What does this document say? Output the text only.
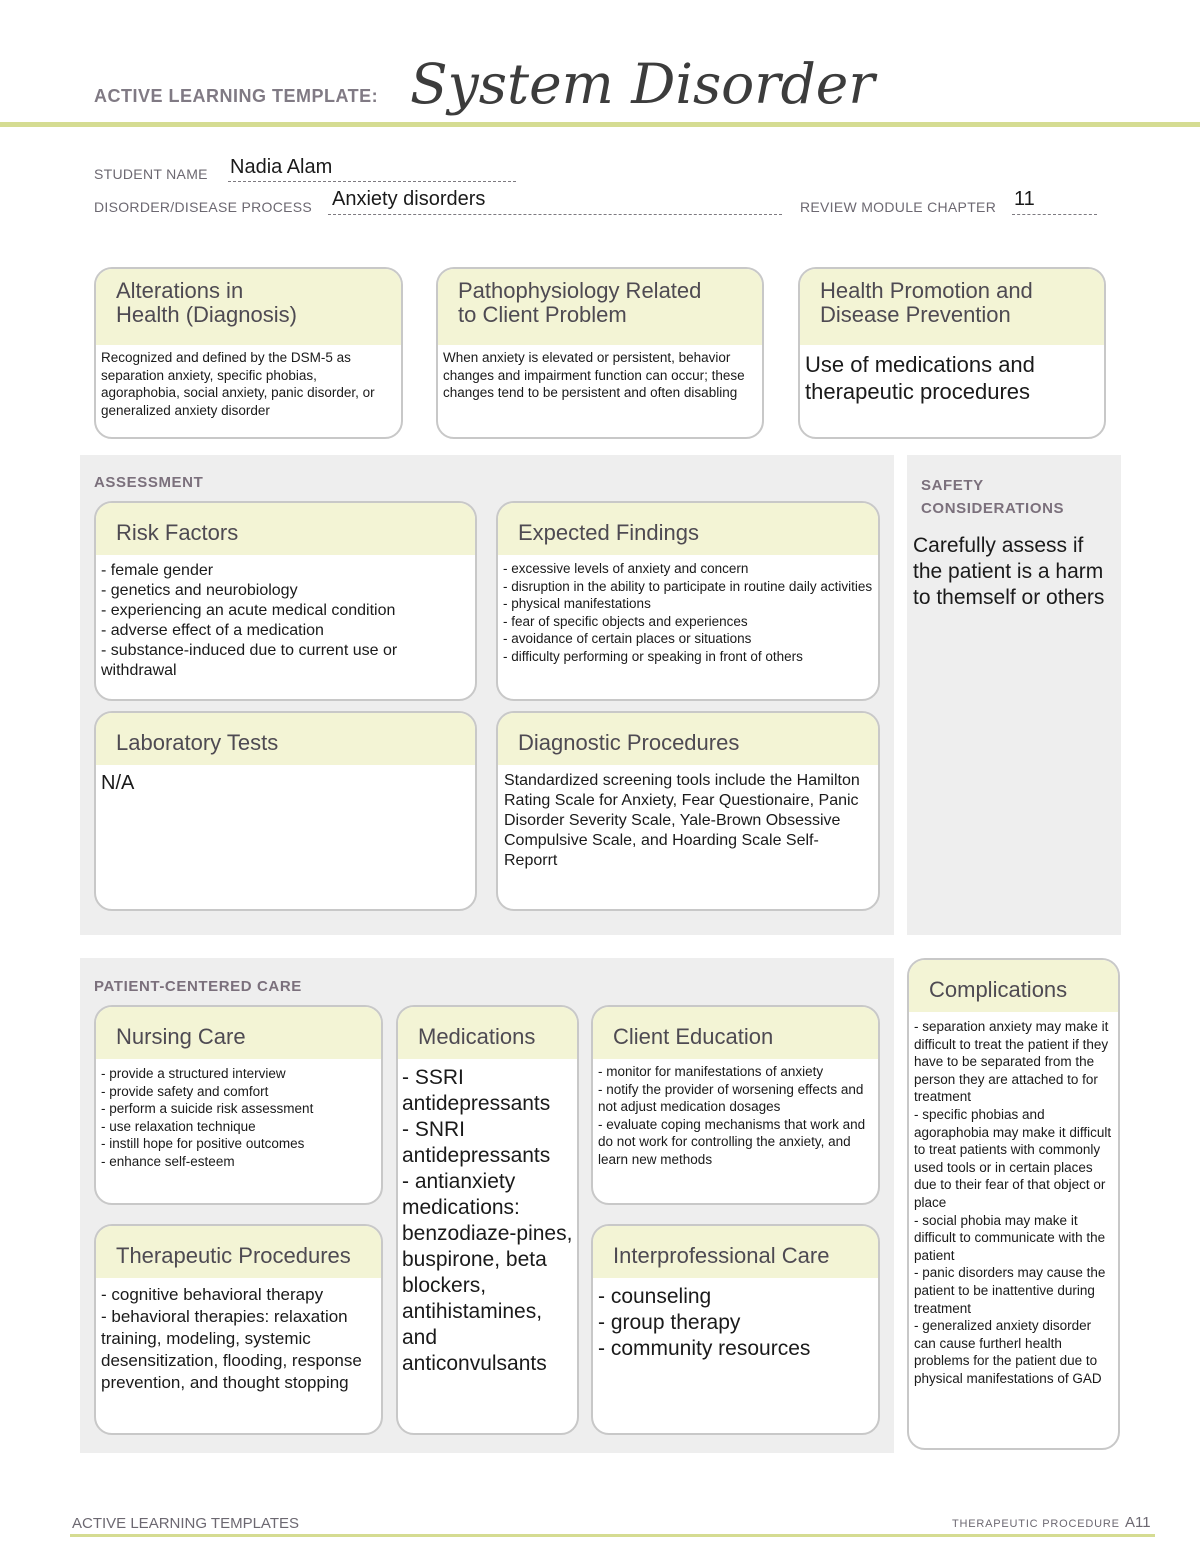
ACTIVE LEARNING TEMPLATE: System Disorder
STUDENT NAME Nadia Alam
DISORDER/DISEASE PROCESS Anxiety disorders	REVIEW MODULE CHAPTER 11
Alterations in
Health (Diagnosis)
Recognized and defined by the DSM-5 as separation anxiety, specific phobias, agoraphobia, social anxiety, panic disorder, or generalized anxiety disorder
Pathophysiology Related
to Client Problem
When anxiety is elevated or persistent, behavior changes and impairment function can occur; these changes tend to be persistent and often disabling
Health Promotion and
Disease Prevention
Use of medications and therapeutic procedures
ASSESSMENT
Risk Factors
- female gender
- genetics and neurobiology
- experiencing an acute medical condition
- adverse effect of a medication
- substance-induced due to current use or withdrawal
Expected Findings
- excessive levels of anxiety and concern
- disruption in the ability to participate in routine daily activities
- physical manifestations
- fear of specific objects and experiences
- avoidance of certain places or situations
- difficulty performing or speaking in front of others
Laboratory Tests
N/A
Diagnostic Procedures
Standardized screening tools include the Hamilton Rating Scale for Anxiety, Fear Questionaire, Panic Disorder Severity Scale, Yale-Brown Obsessive Compulsive Scale, and Hoarding Scale Self-Reporrt
SAFETY
CONSIDERATIONS
Carefully assess if the patient is a harm to themself or others
PATIENT-CENTERED CARE
Nursing Care
- provide a structured interview
- provide safety and comfort
- perform a suicide risk assessment
- use relaxation technique
- instill hope for positive outcomes
- enhance self-esteem
Medications
- SSRI antidepressants
- SNRI antidepressants
- antianxiety medications: benzodiaze-pines, buspirone, beta blockers, antihistamines, and anticonvulsants
Client Education
- monitor for manifestations of anxiety
- notify the provider of worsening effects and not adjust medication dosages
- evaluate coping mechanisms that work and do not work for controlling the anxiety, and learn new methods
Therapeutic Procedures
- cognitive behavioral therapy
- behavioral therapies: relaxation training, modeling, systemic desensitization, flooding, response prevention, and thought stopping
Interprofessional Care
- counseling
- group therapy
- community resources
Complications
- separation anxiety may make it difficult to treat the patient if they have to be separated from the person they are attached to for treatment
- specific phobias and agoraphobia may make it difficult to treat patients with commonly used tools or in certain places due to their fear of that object or place
- social phobia may make it difficult to communicate with the patient
- panic disorders may cause the patient to be inattentive during treatment
- generalized anxiety disorder can cause furtherl health problems for the patient due to physical manifestations of GAD
ACTIVE LEARNING TEMPLATES	THERAPEUTIC PROCEDURE A11
